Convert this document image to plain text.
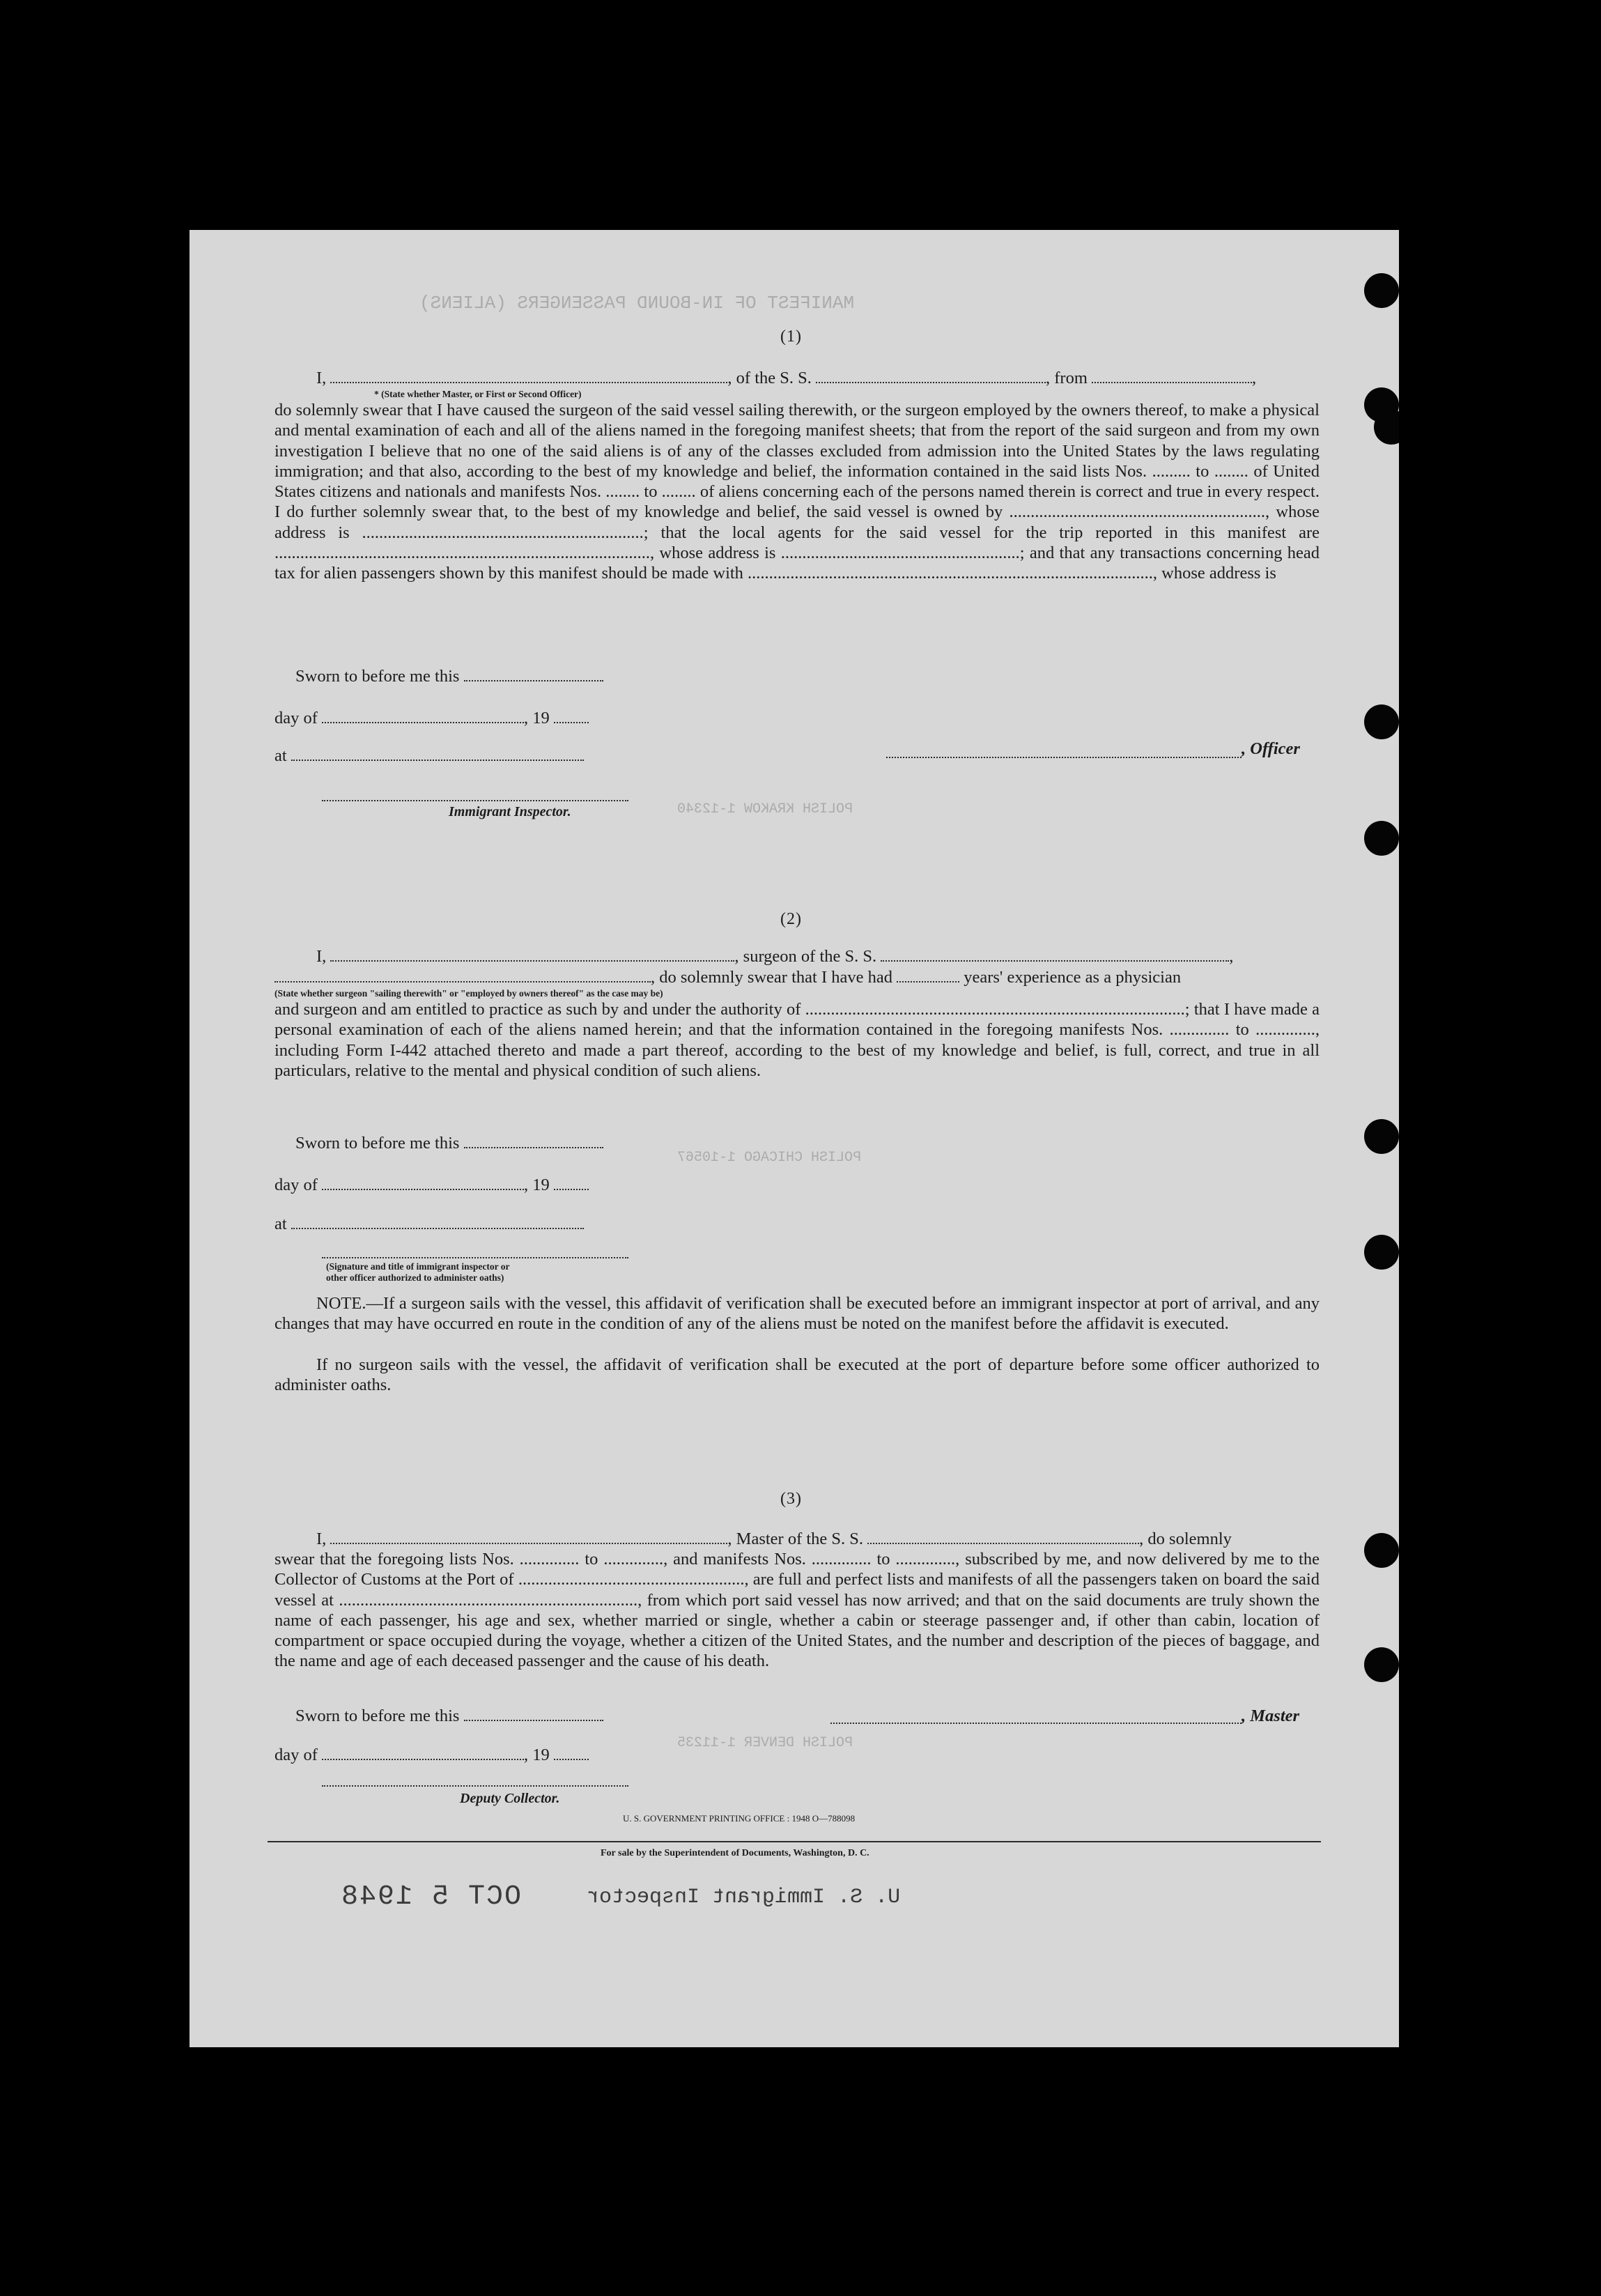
MANIFEST OF IN-BOUND PASSENGERS (ALIENS)
POLISH KRAKOW 1-12340
POLISH CHICAGO 1-10567
POLISH DENVER 1-11235
(1)
I,	, of the S. S.	, from	,
* (State whether Master, or First or Second Officer)
do solemnly swear that I have caused the surgeon of the said vessel sailing therewith, or the surgeon employed by the owners thereof, to make a physical and mental examination of each and all of the aliens named in the foregoing manifest sheets; that from the report of the said surgeon and from my own investigation I believe that no one of the said aliens is of any of the classes excluded from admission into the United States by the laws regulating immigration; and that also, according to the best of my knowledge and belief, the information contained in the said lists Nos. ......... to ........ of United States citizens and nationals and manifests Nos. ........ to ........ of aliens concerning each of the persons named therein is correct and true in every respect. I do further solemnly swear that, to the best of my knowledge and belief, the said vessel is owned by ............................................................, whose address is ..................................................................; that the local agents for the said vessel for the trip reported in this manifest are ........................................................................................, whose address is ........................................................; and that any transactions concerning head tax for alien passengers shown by this manifest should be made with ..............................................................................................., whose address is
Sworn to before me this
day of	, 19
at	, Officer
Immigrant Inspector.
(2)
I,	, surgeon of the S. S.	,
, do solemnly swear that I have had	years' experience as a physician
(State whether surgeon "sailing therewith" or "employed by owners thereof" as the case may be)
and surgeon and am entitled to practice as such by and under the authority of .........................................................................................; that I have made a personal examination of each of the aliens named herein; and that the information contained in the foregoing manifests Nos. .............. to .............., including Form I-442 attached thereto and made a part thereof, according to the best of my knowledge and belief, is full, correct, and true in all particulars, relative to the mental and physical condition of such aliens.
Sworn to before me this
day of	, 19
at
(Signature and title of immigrant inspector or
other officer authorized to administer oaths)
NOTE.—If a surgeon sails with the vessel, this affidavit of verification shall be executed before an immigrant inspector at port of arrival, and any changes that may have occurred en route in the condition of any of the aliens must be noted on the manifest before the affidavit is executed.
If no surgeon sails with the vessel, the affidavit of verification shall be executed at the port of departure before some officer authorized to administer oaths.
(3)
I,	, Master of the S. S.	, do solemnly
swear that the foregoing lists Nos. .............. to .............., and manifests Nos. .............. to .............., subscribed by me, and now delivered by me to the Collector of Customs at the Port of ....................................................., are full and perfect lists and manifests of all the passengers taken on board the said vessel at ......................................................................, from which port said vessel has now arrived; and that on the said documents are truly shown the name of each passenger, his age and sex, whether married or single, whether a cabin or steerage passenger and, if other than cabin, location of compartment or space occupied during the voyage, whether a citizen of the United States, and the number and description of the pieces of baggage, and the name and age of each deceased passenger and the cause of his death.
Sworn to before me this	, Master
day of	, 19
Deputy Collector.
U. S. GOVERNMENT PRINTING OFFICE : 1948 O—788098
For sale by the Superintendent of Documents, Washington, D. C.
OCT 5 1948	U. S. Immigrant Inspector
